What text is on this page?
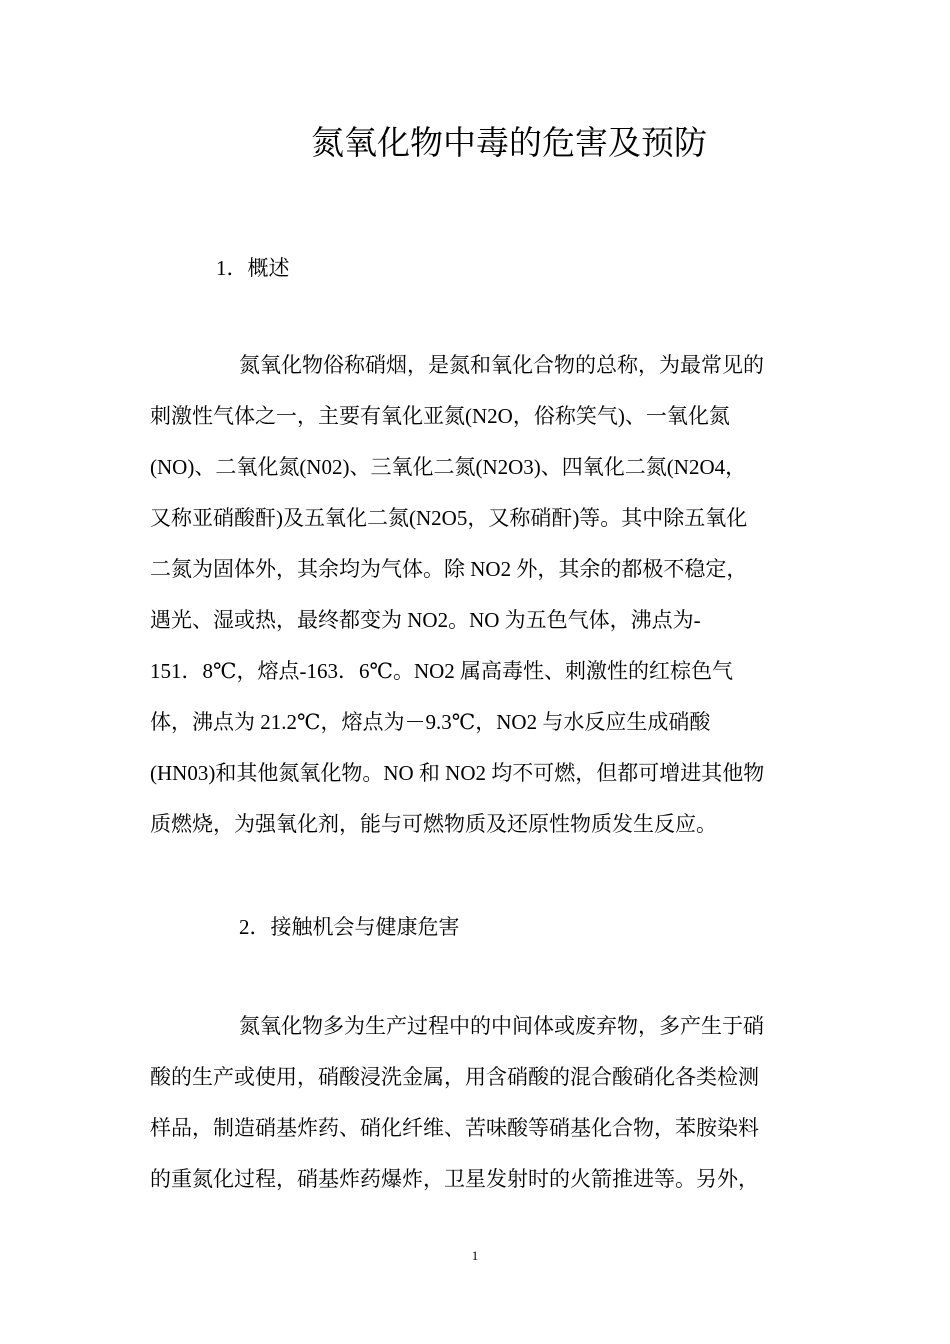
氮氧化物中毒的危害及预防
1．概述
氮氧化物俗称硝烟，是氮和氧化合物的总称，为最常见的
刺激性气体之一，主要有氧化亚氮(N2O，俗称笑气)、一氧化氮
(NO)、二氧化氮(N02)、三氧化二氮(N2O3)、四氧化二氮(N2O4，
又称亚硝酸酐)及五氧化二氮(N2O5，又称硝酐)等。其中除五氧化
二氮为固体外，其余均为气体。除 NO2 外，其余的都极不稳定，
遇光、湿或热，最终都变为 NO2。NO 为五色气体，沸点为-
151．8℃，熔点-163．6℃。NO2 属高毒性、刺激性的红棕色气
体，沸点为 21.2℃，熔点为－9.3℃，NO2 与水反应生成硝酸
(HN03)和其他氮氧化物。NO 和 NO2 均不可燃，但都可增进其他物
质燃烧，为强氧化剂，能与可燃物质及还原性物质发生反应。
2．接触机会与健康危害
氮氧化物多为生产过程中的中间体或废弃物，多产生于硝
酸的生产或使用，硝酸浸洗金属，用含硝酸的混合酸硝化各类检测
样品，制造硝基炸药、硝化纤维、苦味酸等硝基化合物，苯胺染料
的重氮化过程，硝基炸药爆炸，卫星发射时的火箭推进等。另外，
1
